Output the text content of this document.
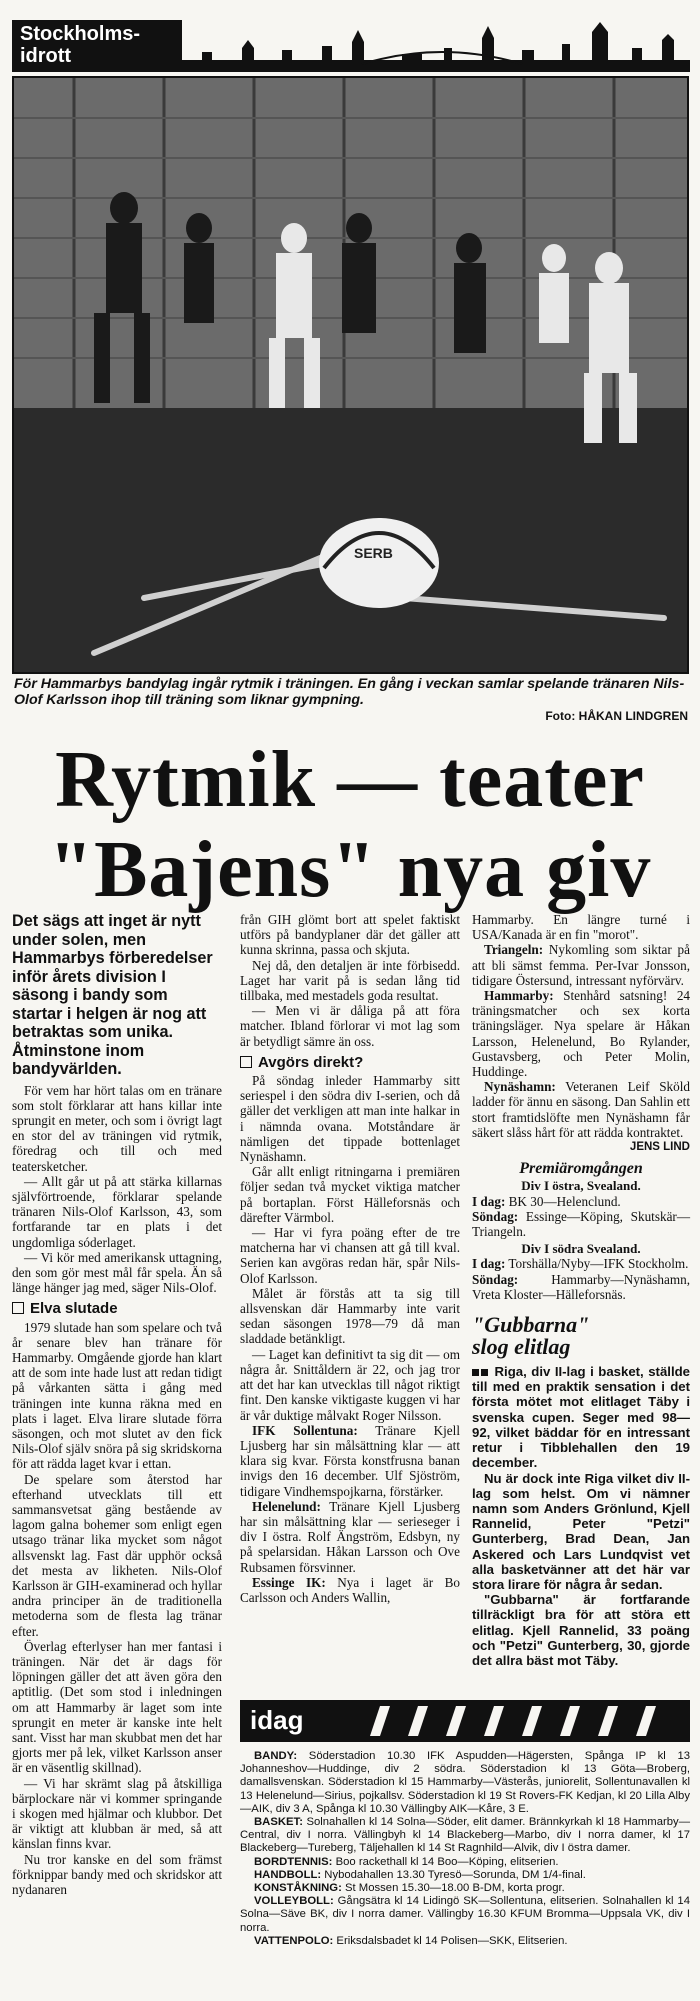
Stockholms-idrott
SERB
För Hammarbys bandylag ingår rytmik i träningen. En gång i veckan samlar spelande tränaren Nils-Olof Karlsson ihop till träning som liknar gympning.
Foto: HÅKAN LINDGREN
Rytmik — teater
"Bajens" nya giv

Det sägs att inget är nytt under solen, men Hammarbys förberedelser inför årets division I säsong i bandy som startar i helgen är nog att betraktas som unika. Åtminstone inom bandyvärlden.

För vem har hört talas om en tränare som stolt förklarar att hans killar inte sprungit en meter, och som i övrigt lagt en stor del av träningen vid rytmik, föredrag och till och med teatersketcher.

— Allt går ut på att stärka killarnas självförtroende, förklarar spelande tränaren Nils-Olof Karlsson, 43, som fortfarande tar en plats i det ungdomliga sóderlaget.

— Vi kör med amerikansk uttagning, den som gör mest mål får spela. Än så länge hänger jag med, säger Nils-Olof.

Elva slutade

1979 slutade han som spelare och två år senare blev han tränare för Hammarby. Omgående gjorde han klart att de som inte hade lust att redan tidigt på vårkanten sätta i gång med träningen inte kunna räkna med en plats i laget. Elva lirare slutade förra säsongen, och mot slutet av den fick Nils-Olof själv snöra på sig skridskorna för att rädda laget kvar i ettan.

De spelare som återstod har efterhand utvecklats till ett sammansvetsat gäng bestående av lagom galna bohemer som enligt egen utsago tränar lika mycket som något allsvenskt lag. Fast där upphör också det mesta av likheten. Nils-Olof Karlsson är GIH-examinerad och hyllar andra principer än de traditionella metoderna som de flesta lag tränar efter.

Överlag efterlyser han mer fantasi i träningen. När det är dags för löpningen gäller det att även göra den aptitlig. (Det som stod i inledningen om att Hammarby är laget som inte sprungit en meter är kanske inte helt sant. Visst har man skubbat men det har gjorts mer på lek, vilket Karlsson anser är en väsentlig skillnad).

— Vi har skrämt slag på åtskilliga bärplockare när vi kommer springande i skogen med hjälmar och klubbor. Det är viktigt att klubban är med, så att känslan finns kvar.

Nu tror kanske en del som främst förknippar bandy med och skridskor att nydanaren

från GIH glömt bort att spelet faktiskt utförs på bandyplaner där det gäller att kunna skrinna, passa och skjuta.

Nej då, den detaljen är inte förbisedd. Laget har varit på is sedan lång tid tillbaka, med mestadels goda resultat.

— Men vi är dåliga på att föra matcher. Ibland förlorar vi mot lag som är betydligt sämre än oss.

Avgörs direkt?

På söndag inleder Hammarby sitt seriespel i den södra div I-serien, och då gäller det verkligen att man inte halkar in i nämnda ovana. Motståndare är nämligen det tippade bottenlaget Nynäshamn.

Går allt enligt ritningarna i premiären följer sedan två mycket viktiga matcher på bortaplan. Först Hälleforsnäs och därefter Värmbol.

— Har vi fyra poäng efter de tre matcherna har vi chansen att gå till kval. Serien kan avgöras redan här, spår Nils-Olof Karlsson.

Målet är förstås att ta sig till allsvenskan där Hammarby inte varit sedan säsongen 1978—79 då man sladdade betänkligt.

— Laget kan definitivt ta sig dit — om några år. Snittåldern är 22, och jag tror att det har kan utvecklas till något riktigt fint. Den kanske viktigaste kuggen vi har är vår duktige målvakt Roger Nilsson.

IFK Sollentuna: Tränare Kjell Ljusberg har sin målsättning klar — att klara sig kvar. Första konstfrusna banan invigs den 16 december. Ulf Sjöström, tidigare Vindhemspojkarna, förstärker.

Helenelund: Tränare Kjell Ljusberg har sin målsättning klar — serieseger i div I östra. Rolf Ängström, Edsbyn, ny på spelarsidan. Håkan Larsson och Ove Rubsamen försvinner.

Essinge IK: Nya i laget är Bo Carlsson och Anders Wallin,

Hammarby. En längre turné i USA/Kanada är en fin "morot".

Triangeln: Nykomling som siktar på att bli sämst femma. Per-Ivar Jonsson, tidigare Östersund, intressant nyförvärv.

Hammarby: Stenhård satsning! 24 träningsmatcher och sex korta träningsläger. Nya spelare är Håkan Larsson, Helenelund, Bo Rylander, Gustavsberg, och Peter Molin, Huddinge.

Nynäshamn: Veteranen Leif Sköld ladder för ännu en säsong. Dan Sahlin ett stort framtidslöfte men Nynäshamn får säkert slåss hårt för att rädda kontraktet.

JENS LIND

Premiäromgången

Div I östra, Svealand.

I dag: BK 30—Helenclund.

Söndag: Essinge—Köping, Skutskär—Triangeln.

Div I södra Svealand.

I dag: Torshälla/Nyby—IFK Stockholm.

Söndag:	Hammarby—Nynäshamn, Vreta Kloster—Hälleforsnäs.

"Gubbarna"
slog elitlag

Riga, div II-lag i basket, ställde till med en praktik sensation i det första mötet mot elitlaget Täby i svenska cupen. Seger med 98—92, vilket bäddar för en intressant retur i Tibblehallen den 19 december.

Nu är dock inte Riga vilket div II-lag som helst. Om vi nämner namn som Anders Grönlund, Kjell Rannelid, Peter "Petzi" Gunterberg, Brad Dean, Jan Askered och Lars Lundqvist vet alla basketvänner att det här var stora lirare för några år sedan.

"Gubbarna" är fortfarande tillräckligt bra för att störa ett elitlag. Kjell Rannelid, 33 poäng och "Petzi" Gunterberg, 30, gjorde det allra bäst mot Täby.

idag

BANDY: Söderstadion 10.30 IFK Aspudden—Hägersten, Spånga IP kl 13 Johanneshov—Huddinge, div 2 södra. Söderstadion kl 13 Göta—Broberg, damallsvenskan. Söderstadion kl 15 Hammarby—Västerås, juniorelit, Sollentunavallen kl 13 Helenelund—Sirius, pojkallsv. Söderstadion kl 19 St Rovers-FK Kedjan, kl 20 Lilla Alby—AIK, div 3 A, Spånga kl 10.30 Vällingby AIK—Kåre, 3 E.

BASKET: Solnahallen kl 14 Solna—Söder, elit damer. Brännkyrkah kl 18 Hammarby—Central, div I norra. Vällingbyh kl 14 Blackeberg—Marbo, div I norra damer, kl 17 Blackeberg—Tureberg, Täljehallen kl 14 St Ragnhild—Alvik, div I östra damer.

BORDTENNIS: Boo rackethall kl 14 Boo—Köping, elitserien.

HANDBOLL: Nybodahallen 13.30 Tyresö—Sorunda, DM 1/4-final.

KONSTÅKNING: St Mossen 15.30—18.00 B-DM, korta progr.

VOLLEYBOLL: Gångsätra kl 14 Lidingö SK—Sollentuna, elitserien. Solnahallen kl 14 Solna—Säve BK, div I norra damer. Vällingby 16.30 KFUM Bromma—Uppsala VK, div I norra.

VATTENPOLO: Eriksdalsbadet kl 14 Polisen—SKK, Elitserien.
